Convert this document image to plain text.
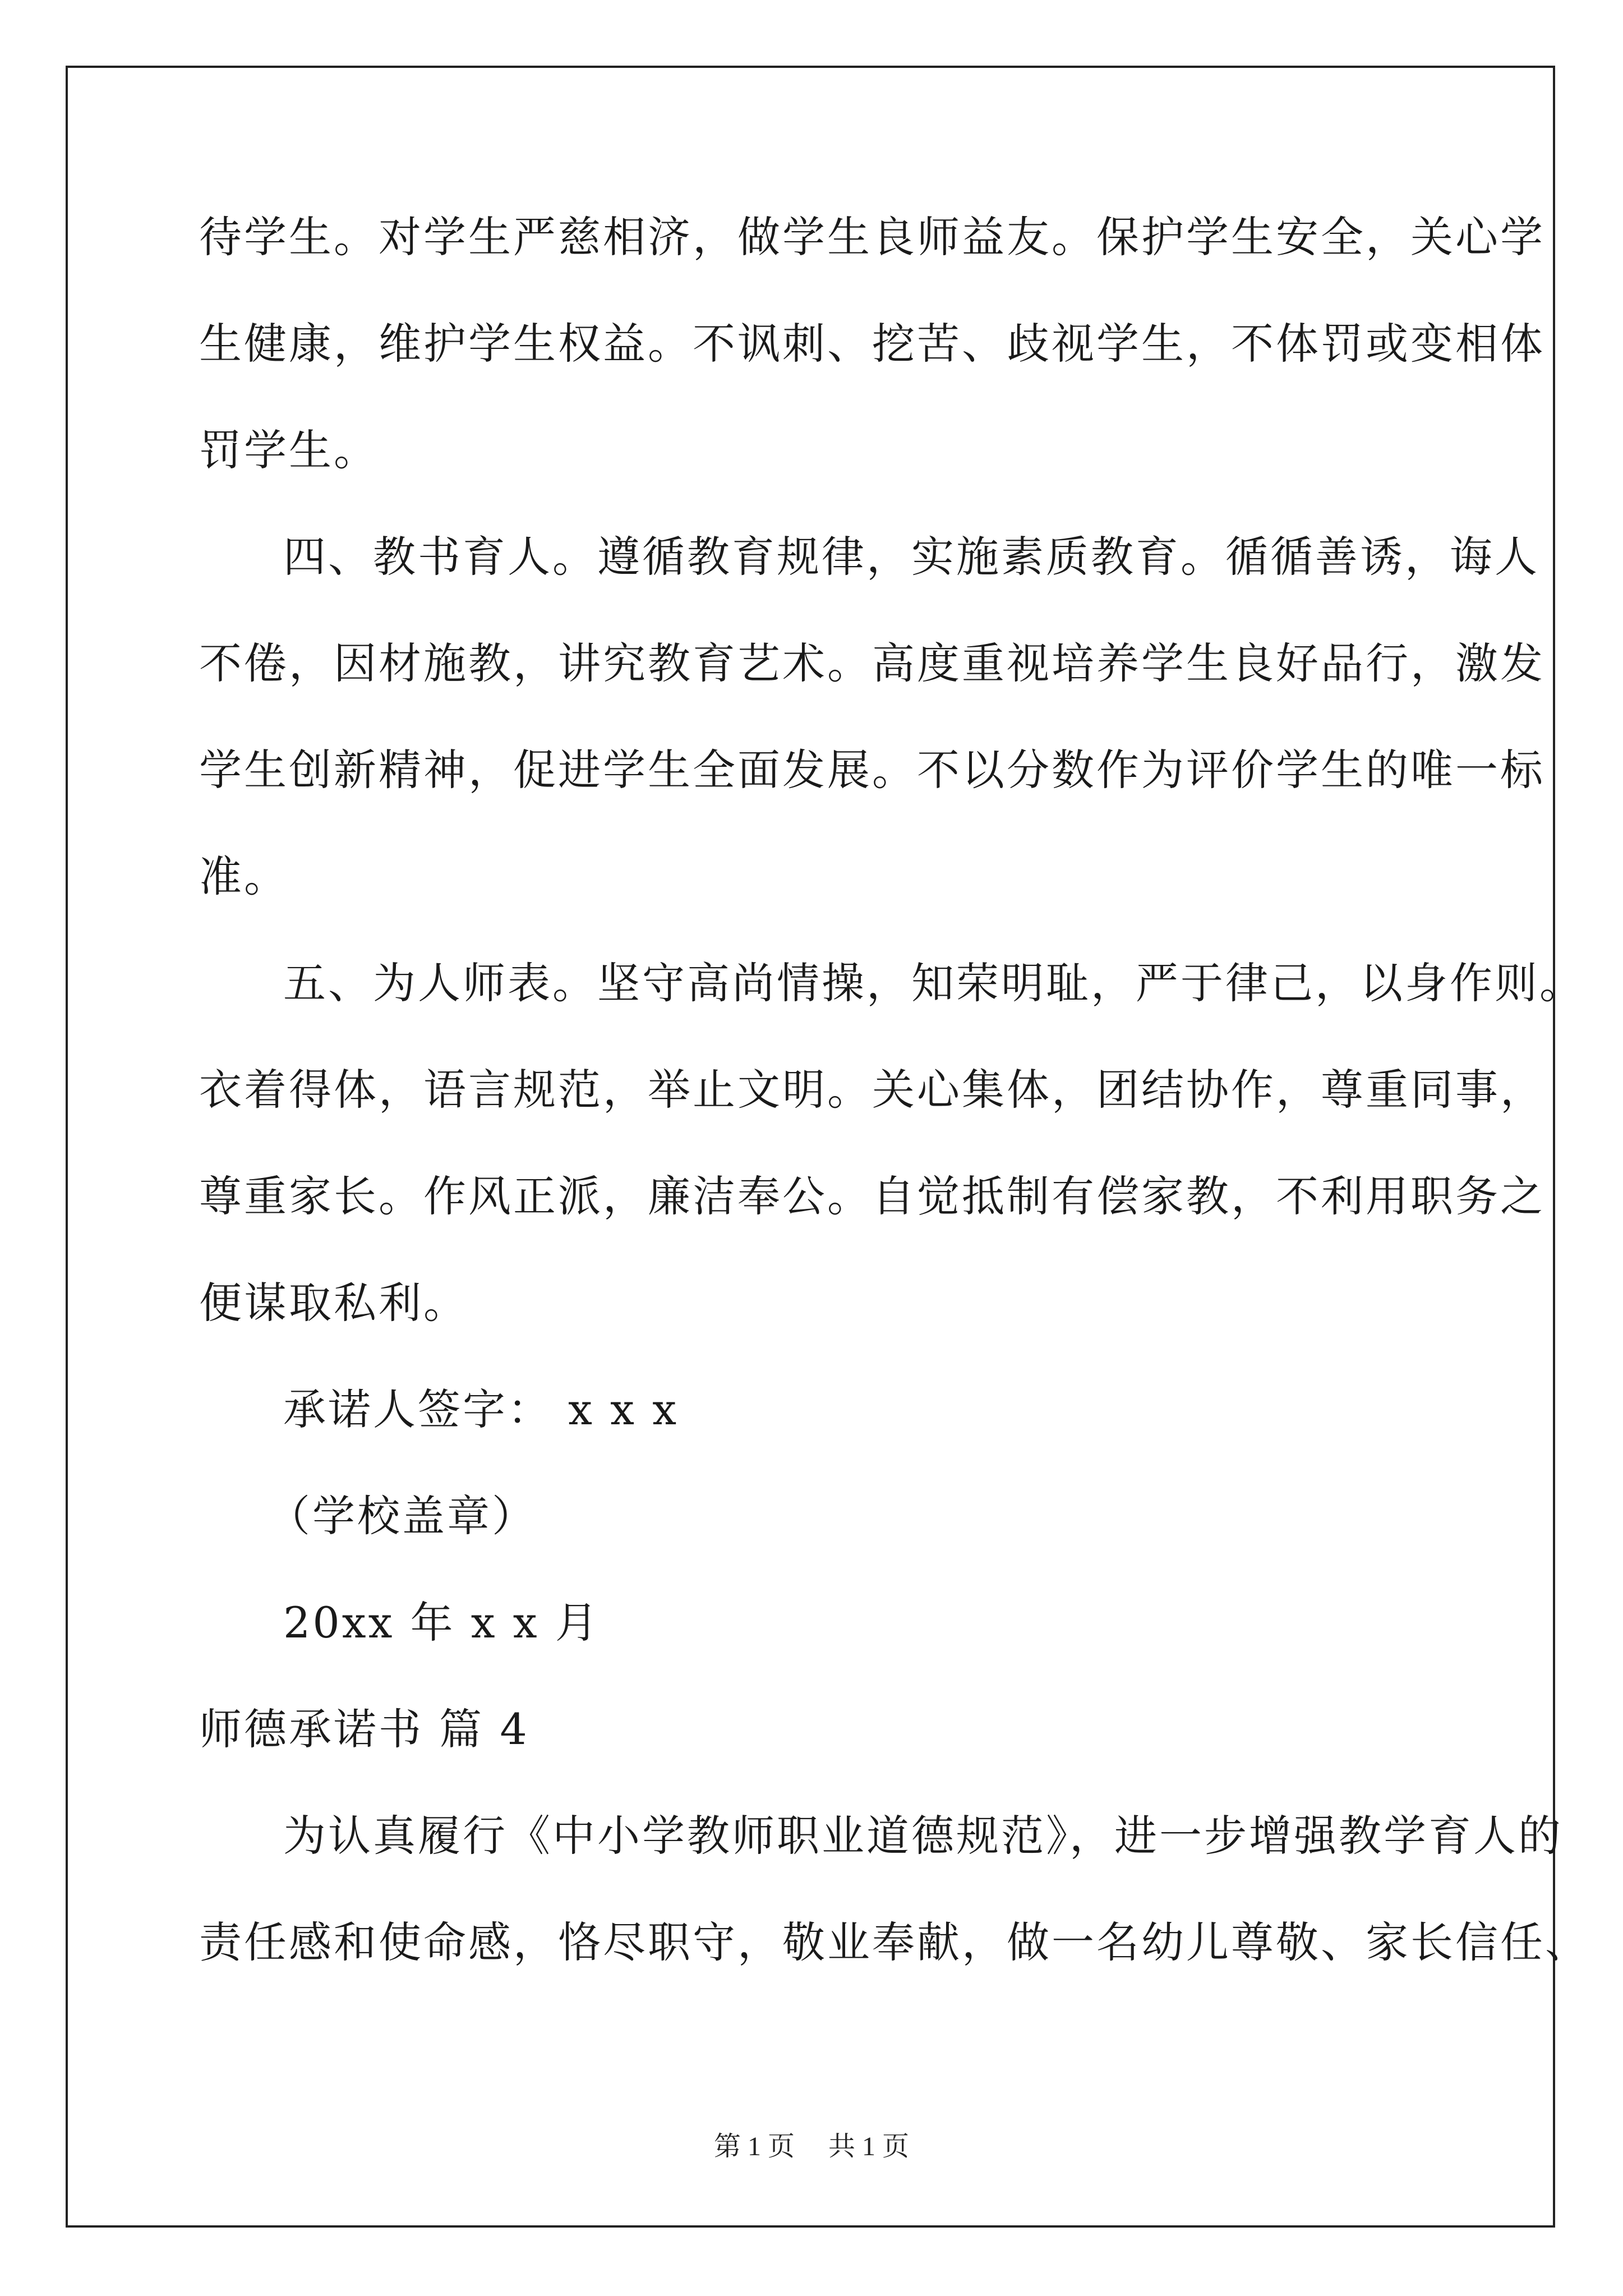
待学生。对学生严慈相济，做学生良师益友。保护学生安全，关心学
生健康，维护学生权益。不讽刺、挖苦、歧视学生，不体罚或变相体
罚学生。
四、教书育人。遵循教育规律，实施素质教育。循循善诱，诲人
不倦，因材施教，讲究教育艺术。高度重视培养学生良好品行，激发
学生创新精神，促进学生全面发展。不以分数作为评价学生的唯一标
准。
五、为人师表。坚守高尚情操，知荣明耻，严于律己，以身作则。
衣着得体，语言规范，举止文明。关心集体，团结协作，尊重同事，
尊重家长。作风正派，廉洁奉公。自觉抵制有偿家教，不利用职务之
便谋取私利。
承诺人签字： x x x
（学校盖章）
20xx 年 x x 月
师德承诺书 篇 4
为认真履行《中小学教师职业道德规范》，进一步增强教学育人的
责任感和使命感，恪尽职守，敬业奉献，做一名幼儿尊敬、家长信任、
第 1 页 共 1 页
